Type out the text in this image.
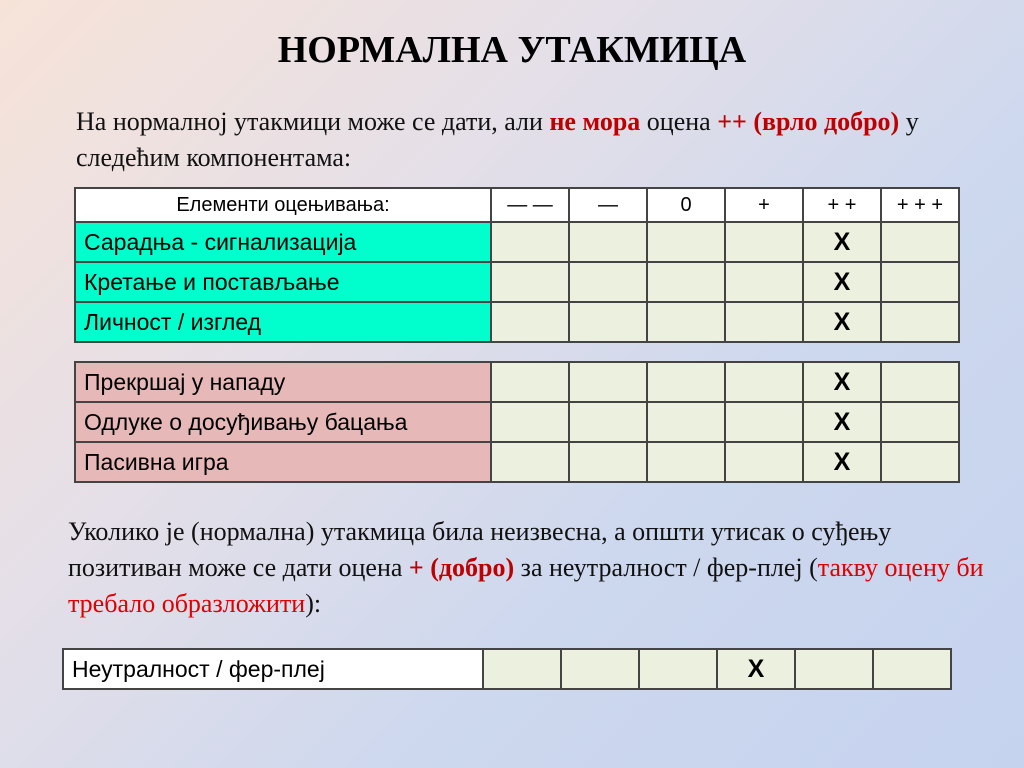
НОРМАЛНА УТАКМИЦА
На нормалној утакмици може се дати, али не мора оцена ++ (врло добро) у следећим компонентама:
Елементи оцењивања:	— —	—	0	+	+ +	+ + +
Сарадња - сигнализација					X	
Кретање и постављање					X	
Личност / изглед					X	
Прекршај у нападу					X	
Одлуке о досуђивању бацања					X	
Пасивна игра					X	
Уколико је (нормална) утакмица била неизвесна, а општи утисак о суђењу позитиван може се дати оцена + (добро) за неутралност / фер-плеј (такву оцену би требало образложити):
Неутралност / фер-плеј				X		
